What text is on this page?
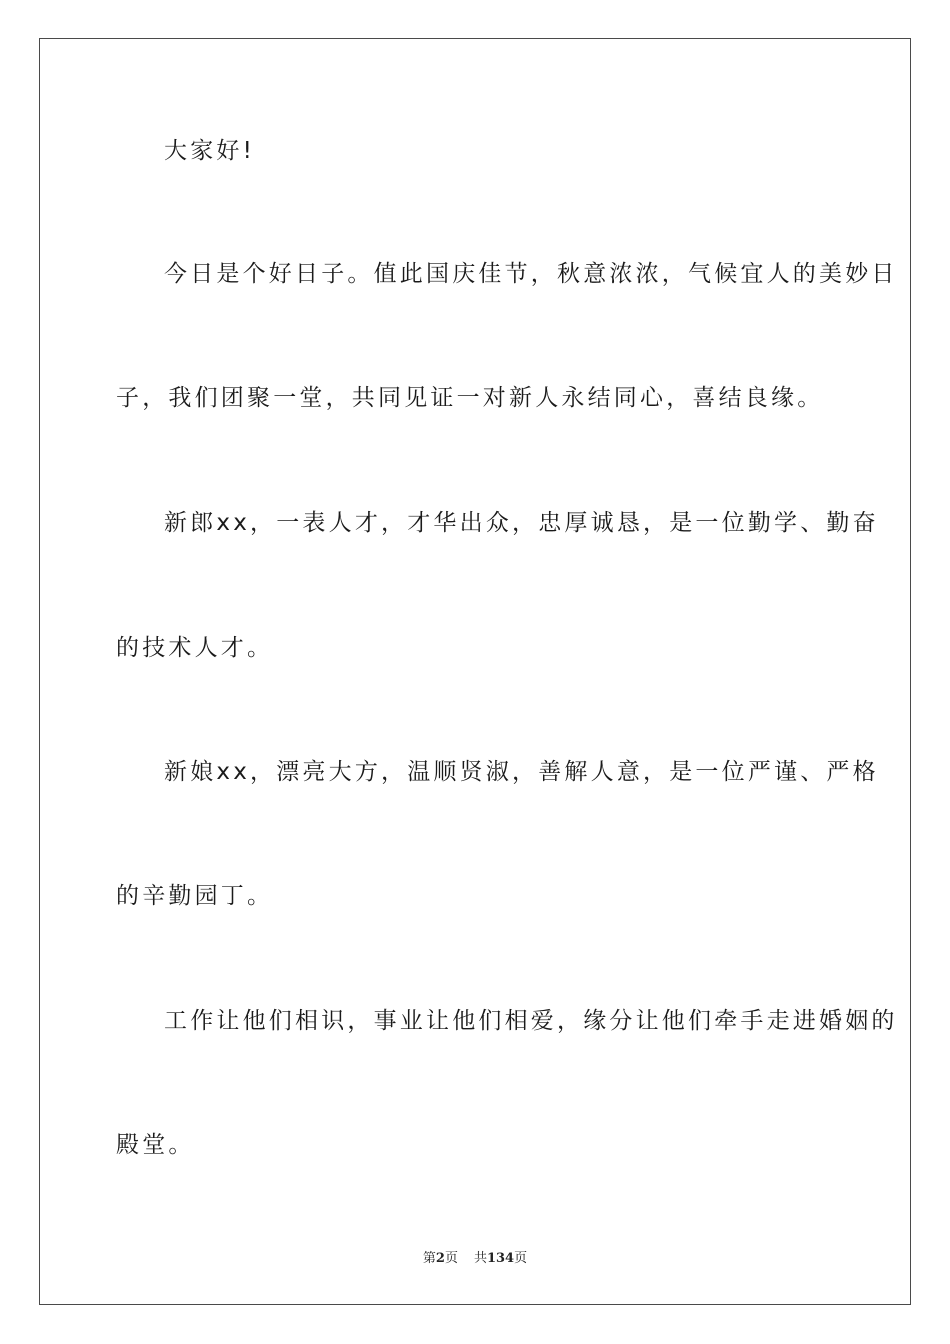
大家好!
今日是个好日子。值此国庆佳节，秋意浓浓，气候宜人的美妙日
子，我们团聚一堂，共同见证一对新人永结同心，喜结良缘。
新郎xx，一表人才，才华出众，忠厚诚恳，是一位勤学、勤奋
的技术人才。
新娘xx，漂亮大方，温顺贤淑，善解人意，是一位严谨、严格
的辛勤园丁。
工作让他们相识，事业让他们相爱，缘分让他们牵手走进婚姻的
殿堂。
第2页 共134页
